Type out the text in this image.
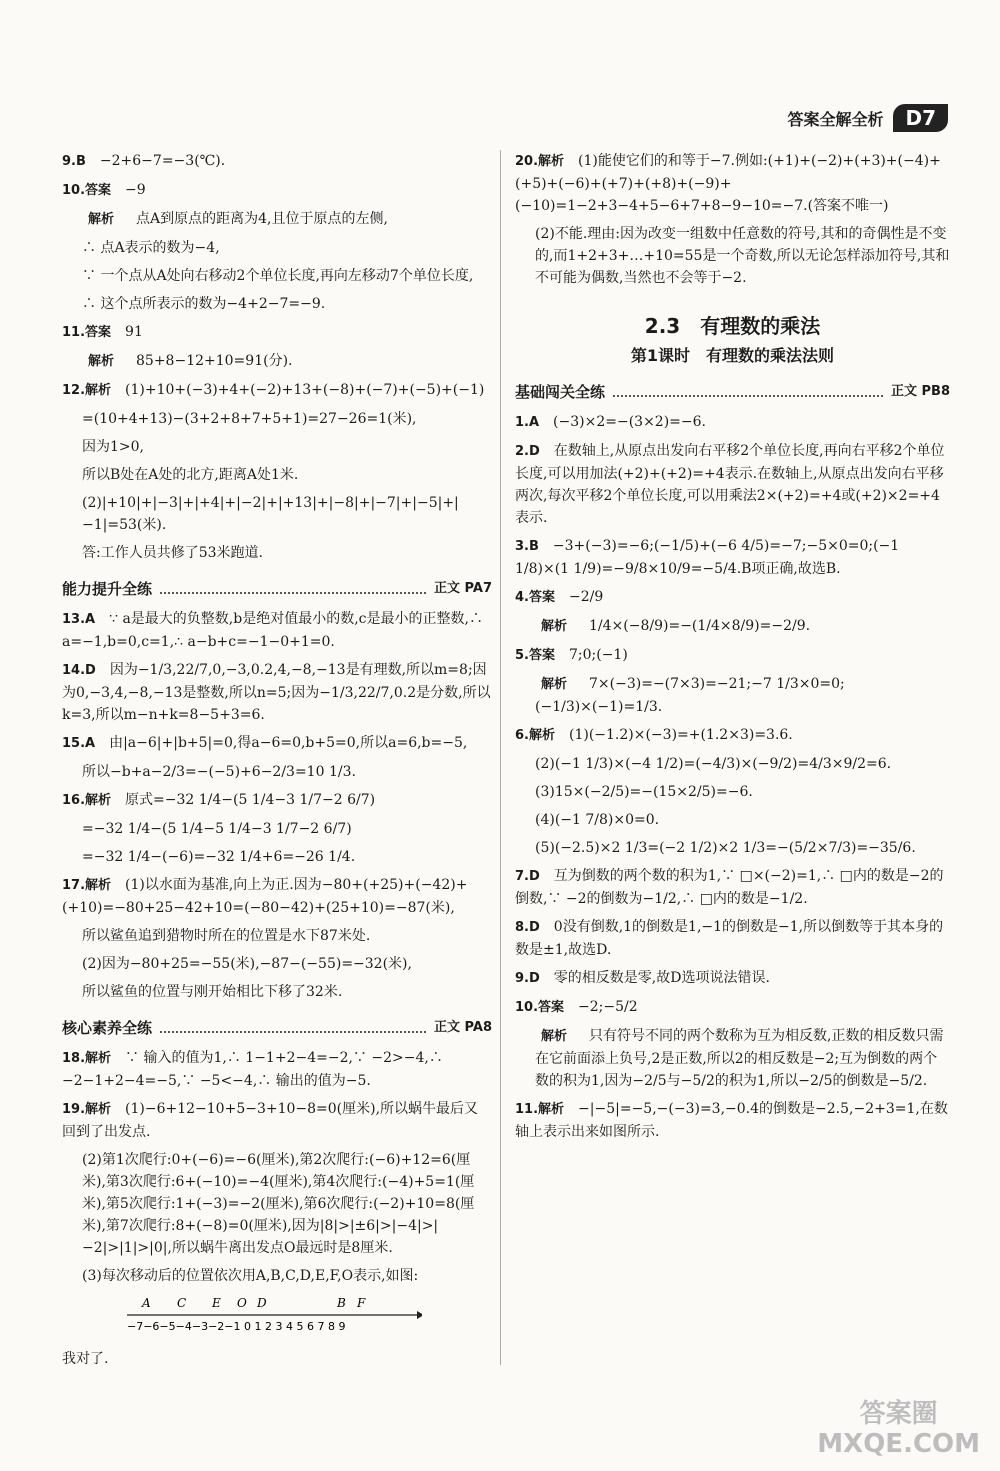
答案全解全析	D7
9.B  −2+6−7=−3(℃).
10.答案  −9
解析  点A到原点的距离为4,且位于原点的左侧,
∴ 点A表示的数为−4,
∵ 一个点从A处向右移动2个单位长度,再向左移动7个单位长度,
∴ 这个点所表示的数为−4+2−7=−9.
11.答案  91
解析  85+8−12+10=91(分).
12.解析  (1)+10+(−3)+4+(−2)+13+(−8)+(−7)+(−5)+(−1)
=(10+4+13)−(3+2+8+7+5+1)=27−26=1(米),
因为1>0,
所以B处在A处的北方,距离A处1米.
(2)|+10|+|−3|+|+4|+|−2|+|+13|+|−8|+|−7|+|−5|+|−1|=53(米).
答:工作人员共修了53米跑道.
能力提升全练	正文 PA7
13.A  ∵ a是最大的负整数,b是绝对值最小的数,c是最小的正整数,∴ a=−1,b=0,c=1,∴ a−b+c=−1−0+1=0.
14.D  因为−1/3,22/7,0,−3,0.2,4,−8,−13是有理数,所以m=8;因为0,−3,4,−8,−13是整数,所以n=5;因为−1/3,22/7,0.2是分数,所以k=3,所以m−n+k=8−5+3=6.
15.A  由|a−6|+|b+5|=0,得a−6=0,b+5=0,所以a=6,b=−5,
所以−b+a−2/3=−(−5)+6−2/3=10 1/3.
16.解析  原式=−32 1/4−(5 1/4−3 1/7−2 6/7)
=−32 1/4−(5 1/4−5 1/4−3 1/7−2 6/7)
=−32 1/4−(−6)=−32 1/4+6=−26 1/4.
17.解析  (1)以水面为基准,向上为正.因为−80+(+25)+(−42)+(+10)=−80+25−42+10=(−80−42)+(25+10)=−87(米),
所以鲨鱼追到猎物时所在的位置是水下87米处.
(2)因为−80+25=−55(米),−87−(−55)=−32(米),
所以鲨鱼的位置与刚开始相比下移了32米.
核心素养全练	正文 PA8
18.解析  ∵ 输入的值为1,∴ 1−1+2−4=−2,∵ −2>−4,∴ −2−1+2−4=−5,∵ −5<−4,∴ 输出的值为−5.
19.解析  (1)−6+12−10+5−3+10−8=0(厘米),所以蜗牛最后又回到了出发点.
(2)第1次爬行:0+(−6)=−6(厘米),第2次爬行:(−6)+12=6(厘米),第3次爬行:6+(−10)=−4(厘米),第4次爬行:(−4)+5=1(厘米),第5次爬行:1+(−3)=−2(厘米),第6次爬行:(−2)+10=8(厘米),第7次爬行:8+(−8)=0(厘米),因为|8|>|±6|>|−4|>|−2|>|1|>|0|,所以蜗牛离出发点O最远时是8厘米.
(3)每次移动后的位置依次用A,B,C,D,E,F,O表示,如图:
A C E O D	B F
−7−6−5−4−3−2−1 0 1 2 3 4 5 6 7 8 9
我对了.
20.解析  (1)能使它们的和等于−7.例如:(+1)+(−2)+(+3)+(−4)+(+5)+(−6)+(+7)+(+8)+(−9)+(−10)=1−2+3−4+5−6+7+8−9−10=−7.(答案不唯一)
(2)不能.理由:因为改变一组数中任意数的符号,其和的奇偶性是不变的,而1+2+3+…+10=55是一个奇数,所以无论怎样添加符号,其和不可能为偶数,当然也不会等于−2.
2.3　有理数的乘法
第1课时　有理数的乘法法则
基础闯关全练	正文 PB8
1.A  (−3)×2=−(3×2)=−6.
2.D  在数轴上,从原点出发向右平移2个单位长度,再向右平移2个单位长度,可以用加法(+2)+(+2)=+4表示.在数轴上,从原点出发向右平移两次,每次平移2个单位长度,可以用乘法2×(+2)=+4或(+2)×2=+4表示.
3.B  −3+(−3)=−6;(−1/5)+(−6 4/5)=−7;−5×0=0;(−1 1/8)×(1 1/9)=−9/8×10/9=−5/4.B项正确,故选B.
4.答案  −2/9
解析  1/4×(−8/9)=−(1/4×8/9)=−2/9.
5.答案  7;0;(−1)
解析  7×(−3)=−(7×3)=−21;−7 1/3×0=0;(−1/3)×(−1)=1/3.
6.解析  (1)(−1.2)×(−3)=+(1.2×3)=3.6.
(2)(−1 1/3)×(−4 1/2)=(−4/3)×(−9/2)=4/3×9/2=6.
(3)15×(−2/5)=−(15×2/5)=−6.
(4)(−1 7/8)×0=0.
(5)(−2.5)×2 1/3=(−2 1/2)×2 1/3=−(5/2×7/3)=−35/6.
7.D  互为倒数的两个数的积为1,∵ □×(−2)=1,∴ □内的数是−2的倒数,∵ −2的倒数为−1/2,∴ □内的数是−1/2.
8.D  0没有倒数,1的倒数是1,−1的倒数是−1,所以倒数等于其本身的数是±1,故选D.
9.D  零的相反数是零,故D选项说法错误.
10.答案  −2;−5/2
解析  只有符号不同的两个数称为互为相反数,正数的相反数只需在它前面添上负号,2是正数,所以2的相反数是−2;互为倒数的两个数的积为1,因为−2/5与−5/2的积为1,所以−2/5的倒数是−5/2.
11.解析  −|−5|=−5,−(−3)=3,−0.4的倒数是−2.5,−2+3=1,在数轴上表示出来如图所示.
答案圈
MXQE.COM
